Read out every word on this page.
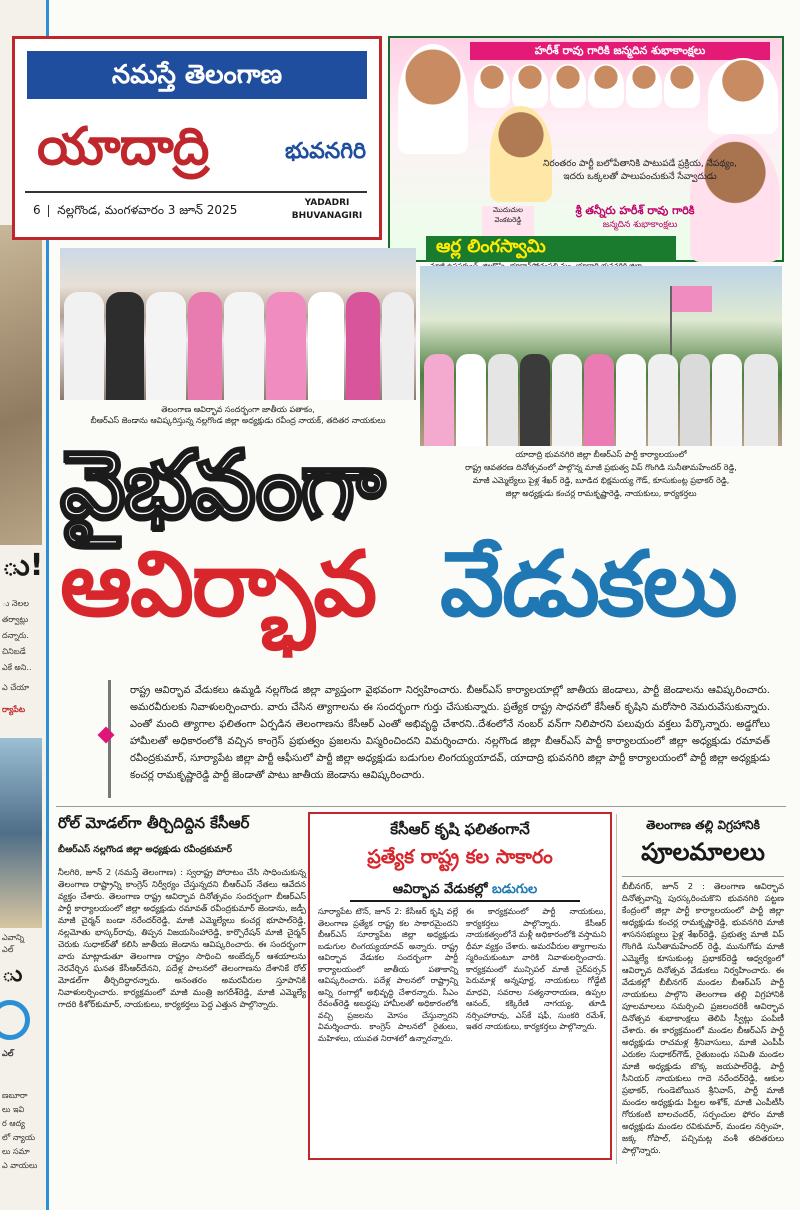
ు!
ు నెలల
తర్వాట్లు
దన్నారు.
చినిబడే
ఎకే అని..
ఎ చేయా
ర్యాపేట
ఎవాన్ని
ఎల్
ు
ఎల్
ణబూరా
లు ఇవి
ర ఆద్య
లో న్యాయ
లు సమా
ఎ వాయలు
నమస్తే తెలంగాణ
యాదాద్రి	భువనగిరి
6 నల్లగొండ, మంగళవారం 3 జూన్ 2025	YADADRI BHUVANAGIRI
హరీశ్ రావు గారికి జన్మదిన శుభాకాంక్షలు
నిరంతరం పార్టీ బలోపేతానికి పాటుపడే ప్రక్రియ, నేపథ్యం, ఇదరు ఒక్కలతో పాలుపంచుకునే సేవ్వాదుడు
శ్రీ తన్నీరు హరీశ్ రావు గారికి
జన్మదిన శుభాకాంక్షలు
మొదుచుల వెంకటరెడ్డి
ఆర్ల లింగస్వామి
తెలంగాణ ఆవిర్భావ సందర్భంగా జాతీయ పతాకం,
బీఆర్ఎస్ జెండాను ఆవిష్కరిస్తున్న నల్లగొండ జిల్లా అధ్యక్షుడు రవీంద్ర నాయక్, తదితర నాయకులు
యాదాద్రి భువనగిరి జిల్లా బీఆర్ఎస్ పార్టీ కార్యాలయంలో
రాష్ట్ర ఆవతరణ దినోత్సవంలో పాల్గొన్న మాజీ ప్రభుత్వ విప్ గొంగిడి సునీతామహేందర్ రెడ్డి,
మాజీ ఎమ్మెల్యేలు పైళ్ల శేఖర్ రెడ్డి, బూడిద భిక్షమయ్య గౌడ్, కూసుకుంట్ల ప్రభాకర్ రెడ్డి,
జిల్లా అధ్యక్షుడు కంచర్ల రామకృష్ణారెడ్డి, నాయకులు, కార్యకర్తలు
వైభవంగా
ఆవిర్భావ వేడుకలు
రాష్ట్ర ఆవిర్భావ వేడుకలు ఉమ్మడి నల్లగొండ జిల్లా వ్యాప్తంగా వైభవంగా నిర్వహించారు. బీఆర్ఎస్ కార్యాలయాల్లో జాతీయ జెండాలు, పార్టీ జెండాలను ఆవిష్కరించారు. అమరవీరులకు నివాళులర్పించారు. వారు చేసిన త్యాగాలను ఈ సందర్భంగా గుర్తు చేసుకున్నారు. ప్రత్యేక రాష్ట్ర సాధనలో కేసీఆర్ కృషిని మరోసారి నెమరువేసుకున్నారు. ఎంతో మంది త్యాగాల ఫలితంగా ఏర్పడిన తెలంగాణను కేసీఆర్ ఎంతో అభివృద్ధి చేశారని..దేశంలోనే నంబర్ వన్‌గా నిలిపారని పలువురు వక్తలు పేర్కొన్నారు. అడ్డగోలు హామీలతో అధికారంలోకి వచ్చిన కాంగ్రెస్ ప్రభుత్వం ప్రజలను విస్మరించిందని విమర్శించారు. నల్లగొండ జిల్లా బీఆర్ఎస్ పార్టీ కార్యాలయంలో జిల్లా అధ్యక్షుడు రమావత్ రవీంద్రకుమార్, సూర్యాపేట జిల్లా పార్టీ ఆఫీసులో పార్టీ జిల్లా అధ్యక్షుడు బడుగుల లింగయ్యయాదవ్, యాదాద్రి భువనగిరి జిల్లా పార్టీ కార్యాలయంలో పార్టీ జిల్లా అధ్యక్షుడు కంచర్ల రామకృష్ణారెడ్డి పార్టీ జెండాతో పాటు జాతీయ జెండాను ఆవిష్కరించారు.
రోల్ మోడల్‌గా తీర్చిదిద్దిన కేసీఆర్
బీఆర్ఎస్ నల్లగొండ జిల్లా అధ్యక్షుడు రవీంద్రకుమార్
నీలగిరి, జూన్ 2 (నమస్తే తెలంగాణ) : స్వరాష్ట్ర పోరాటం చేసి సాధించుకున్న తెలంగాణ రాష్ట్రాన్ని కాంగ్రెస్ నిర్వీర్యం చేస్తున్నదని బీఆర్ఎస్ నేతలు ఆవేదన వ్యక్తం చేశారు. తెలంగాణ రాష్ట్ర ఆవిర్భావ దినోత్సవం సందర్భంగా బీఆర్ఎస్ పార్టీ కార్యాలయంలో జిల్లా అధ్యక్షుడు రమావత్ రవీంద్రకుమార్ జెండాను, జడ్పీ మాజీ చైర్మన్ బండా నరేందర్‌రెడ్డి, మాజీ ఎమ్మెల్యేలు కంచర్ల భూపాల్‌రెడ్డి, నల్లమోతు భాస్కర్‌రావు, తిప్పన విజయసింహారెడ్డి, కార్పొరేషన్ మాజీ చైర్మన్ చెరుకు సుధాకర్‌తో కలిసి జాతీయ జెండాను ఆవిష్కరించారు. ఈ సందర్భంగా వారు మాట్లాడుతూ తెలంగాణ రాష్ట్రం సాధించి అంబేద్కర్ ఆశయాలను నెరవేర్చిన ఘనత కేసీఆర్‌దేనని, పదేళ్ల పాలనలో తెలంగాణను దేశానికే రోల్ మోడల్‌గా తీర్చిదిద్దారన్నారు. అనంతరం అమరవీరుల స్తూపానికి నివాళులర్పించారు. కార్యక్రమంలో మాజీ మంత్రి జగదీశ్‌రెడ్డి, మాజీ ఎమ్మెల్యే గాదరి కిశోర్‌కుమార్, నాయకులు, కార్యకర్తలు పెద్ద ఎత్తున పాల్గొన్నారు.
కేసీఆర్ కృషి ఫలితంగానే
ప్రత్యేక రాష్ట్ర కల సాకారం
ఆవిర్భావ వేడుకల్లో బడుగుల
సూర్యాపేట టౌన్, జూన్ 2: కేసీఆర్ కృషి వల్లే తెలంగాణ ప్రత్యేక రాష్ట్ర కల సాకారమైందని బీఆర్ఎస్ సూర్యాపేట జిల్లా అధ్యక్షుడు బడుగుల లింగయ్యయాదవ్ అన్నారు. రాష్ట్ర ఆవిర్భావ వేడుకల సందర్భంగా పార్టీ కార్యాలయంలో జాతీయ పతాకాన్ని ఆవిష్కరించారు. పదేళ్ల పాలనలో రాష్ట్రాన్ని అన్ని రంగాల్లో అభివృద్ధి చేశారన్నారు. సీఎం రేవంత్‌రెడ్డి అబద్ధపు హామీలతో అధికారంలోకి వచ్చి ప్రజలను మోసం చేస్తున్నారని విమర్శించారు. కాంగ్రెస్ పాలనలో రైతులు, మహిళలు, యువత నిరాశలో ఉన్నారన్నారు.
ఈ కార్యక్రమంలో పార్టీ నాయకులు, కార్యకర్తలు పాల్గొన్నారు. కేసీఆర్ నాయకత్వంలోనే మళ్లీ అధికారంలోకి వస్తామని ధీమా వ్యక్తం చేశారు. అమరవీరుల త్యాగాలను స్మరించుకుంటూ వారికి నివాళులర్పించారు. కార్యక్రమంలో మున్సిపల్ మాజీ చైర్‌పర్సన్ పెరుమాళ్ల అన్నపూర్ణ, నాయకులు గోడ్డేటి మాధవి, సవరాల సత్యనారాయణ, ఉప్పల ఆనంద్, కక్కిరేణి నాగయ్య, తూడి నర్సింహారావు, ఎస్‌కే షఫీ, సుంకరి రమేశ్, ఇతర నాయకులు, కార్యకర్తలు పాల్గొన్నారు.
తెలంగాణ తల్లి విగ్రహానికి
పూలమాలలు
బీబీనగర్, జూన్ 2 : తెలంగాణ ఆవిర్భావ దినోత్సవాన్ని పురస్కరించుకొని భువనగిరి పట్టణ కేంద్రంలో జిల్లా పార్టీ కార్యాలయంలో పార్టీ జిల్లా అధ్యక్షుడు కంచర్ల రామకృష్ణారెడ్డి, భువనగిరి మాజీ శాసనసభ్యులు పైళ్ల శేఖర్‌రెడ్డి, ప్రభుత్వ మాజీ విప్ గొంగిడి సునీతామహేందర్ రెడ్డి, మునుగోడు మాజీ ఎమ్మెల్యే కూసుకుంట్ల ప్రభాకర్‌రెడ్డి ఆధ్వర్యంలో ఆవిర్భావ దినోత్సవ వేడుకలు నిర్వహించారు. ఈ వేడుకల్లో బీబీనగర్ మండల బీఆర్ఎస్ పార్టీ నాయకులు పాల్గొని తెలంగాణ తల్లి విగ్రహానికి పూలమాలలు సమర్పించి ప్రజలందరికీ ఆవిర్భావ దినోత్సవ శుభాకాంక్షలు తెలిపి స్వీట్లు పంపిణీ చేశారు. ఈ కార్యక్రమంలో మండల బీఆర్ఎస్ పార్టీ అధ్యక్షుడు రాచమళ్ల శ్రీనివాసులు, మాజీ ఎంపీపీ ఎరుకల సుధాకర్‌గౌడ్, రైతుబంధు సమితి మండల మాజీ అధ్యక్షుడు బొక్క జయపాల్‌రెడ్డి, పార్టీ సీనియర్ నాయకులు గాదె నరేందర్‌రెడ్డి, ఆకుల ప్రభాకర్, గుండెబోయిన శ్రీనివాస్, పార్టీ మాజీ మండల అధ్యక్షుడు పిట్టల అశోక్, మాజీ ఎంపీటీసీ గోరుకంటి బాలచందర్, సర్పంచుల ఫోరం మాజీ అధ్యక్షుడు మండల రవికుమార్, మండల నర్సింహ, జక్క గోపాల్, పచ్చిమట్ల వంశీ తదితరులు పాల్గొన్నారు.
